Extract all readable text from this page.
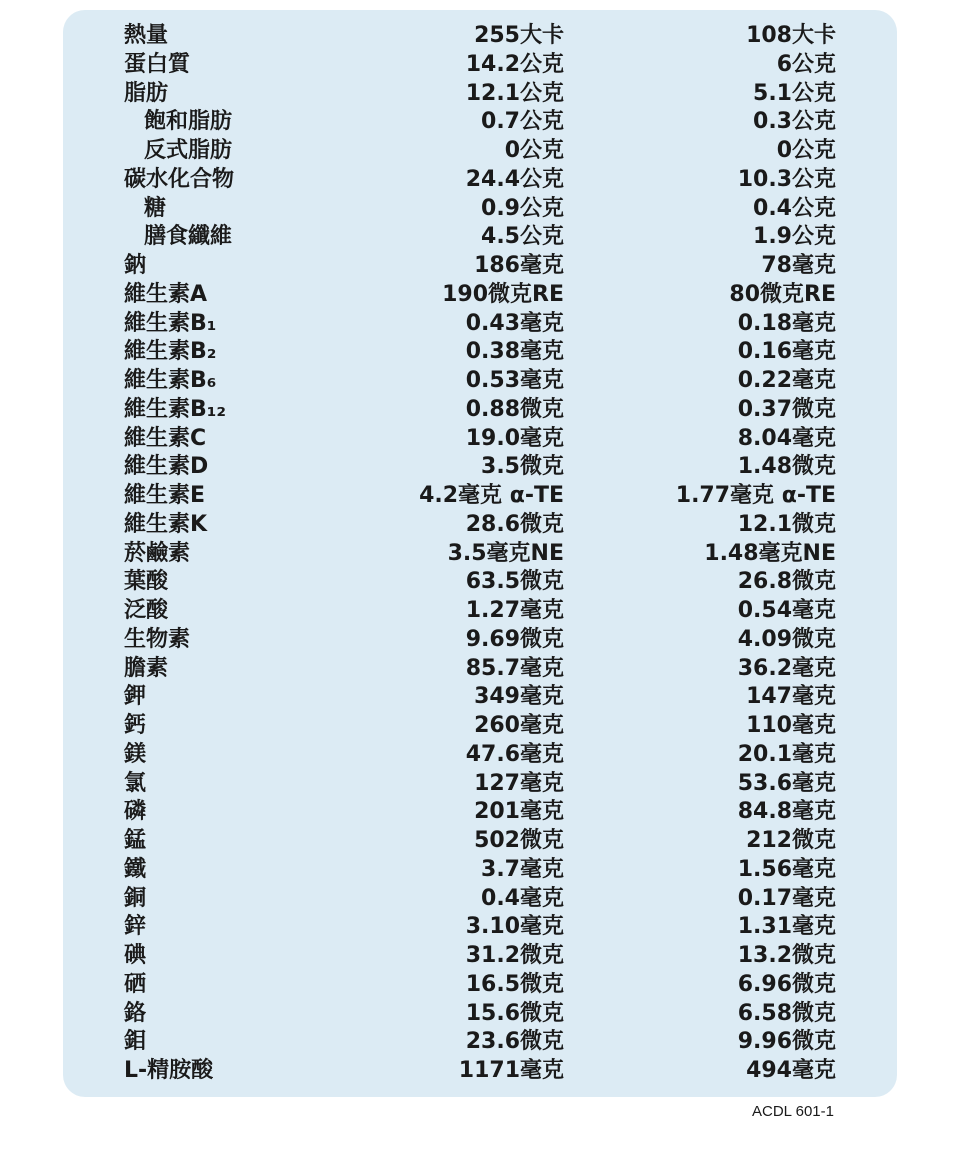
熱量	255大卡	108大卡
蛋白質	14.2公克	6公克
脂肪	12.1公克	5.1公克
飽和脂肪	0.7公克	0.3公克
反式脂肪	0公克	0公克
碳水化合物	24.4公克	10.3公克
糖	0.9公克	0.4公克
膳食纖維	4.5公克	1.9公克
鈉	186毫克	78毫克
維生素A	190微克RE	80微克RE
維生素B₁	0.43毫克	0.18毫克
維生素B₂	0.38毫克	0.16毫克
維生素B₆	0.53毫克	0.22毫克
維生素B₁₂	0.88微克	0.37微克
維生素C	19.0毫克	8.04毫克
維生素D	3.5微克	1.48微克
維生素E	4.2毫克 α-TE	1.77毫克 α-TE
維生素K	28.6微克	12.1微克
菸鹼素	3.5毫克NE	1.48毫克NE
葉酸	63.5微克	26.8微克
泛酸	1.27毫克	0.54毫克
生物素	9.69微克	4.09微克
膽素	85.7毫克	36.2毫克
鉀	349毫克	147毫克
鈣	260毫克	110毫克
鎂	47.6毫克	20.1毫克
氯	127毫克	53.6毫克
磷	201毫克	84.8毫克
錳	502微克	212微克
鐵	3.7毫克	1.56毫克
銅	0.4毫克	0.17毫克
鋅	3.10毫克	1.31毫克
碘	31.2微克	13.2微克
硒	16.5微克	6.96微克
鉻	15.6微克	6.58微克
鉬	23.6微克	9.96微克
L-精胺酸	1171毫克	494毫克
ACDL 601-1
